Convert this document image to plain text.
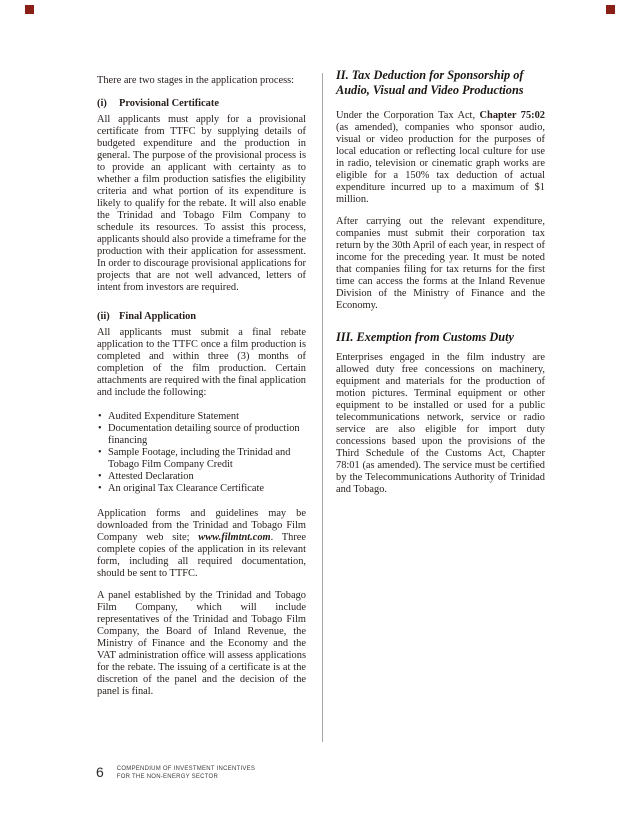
There are two stages in the application process:

(i) Provisional Certificate

All applicants must apply for a provisional certificate from TTFC by supplying details of budgeted expenditure and the production in general. The purpose of the provisional process is to provide an applicant with certainty as to whether a film production satisfies the eligibility criteria and what portion of its expenditure is likely to qualify for the rebate. It will also enable the Trinidad and Tobago Film Company to schedule its resources. To assist this process, applicants should also provide a timeframe for the production with their application for assessment. In order to discourage provisional applications for projects that are not well advanced, letters of intent from investors are required.

(ii) Final Application

All applicants must submit a final rebate application to the TTFC once a film production is completed and within three (3) months of completion of the film production. Certain attachments are required with the final application and include the following:

• Audited Expenditure Statement
• Documentation detailing source of production financing
• Sample Footage, including the Trinidad and Tobago Film Company Credit
• Attested Declaration
• An original Tax Clearance Certificate

Application forms and guidelines may be downloaded from the Trinidad and Tobago Film Company web site; www.filmtnt.com. Three complete copies of the application in its relevant form, including all required documentation, should be sent to TTFC.

A panel established by the Trinidad and Tobago Film Company, which will include representatives of the Trinidad and Tobago Film Company, the Board of Inland Revenue, the Ministry of Finance and the Economy and the VAT administration office will assess applications for the rebate. The issuing of a certificate is at the discretion of the panel and the decision of the panel is final.

II. Tax Deduction for Sponsorship of Audio, Visual and Video Productions

Under the Corporation Tax Act, Chapter 75:02 (as amended), companies who sponsor audio, visual or video production for the purposes of local education or reflecting local culture for use in radio, television or cinematic graph works are eligible for a 150% tax deduction of actual expenditure incurred up to a maximum of $1 million.

After carrying out the relevant expenditure, companies must submit their corporation tax return by the 30th April of each year, in respect of income for the preceding year. It must be noted that companies filing for tax returns for the first time can access the forms at the Inland Revenue Division of the Ministry of Finance and the Economy.

III. Exemption from Customs Duty

Enterprises engaged in the film industry are allowed duty free concessions on machinery, equipment and materials for the production of motion pictures. Terminal equipment or other equipment to be installed or used for a public telecommunications network, service or radio service are also eligible for import duty concessions based upon the provisions of the Third Schedule of the Customs Act, Chapter 78:01 (as amended). The service must be certified by the Telecommunications Authority of Trinidad and Tobago.

6 COMPENDIUM OF INVESTMENT INCENTIVES
FOR THE NON-ENERGY SECTOR
